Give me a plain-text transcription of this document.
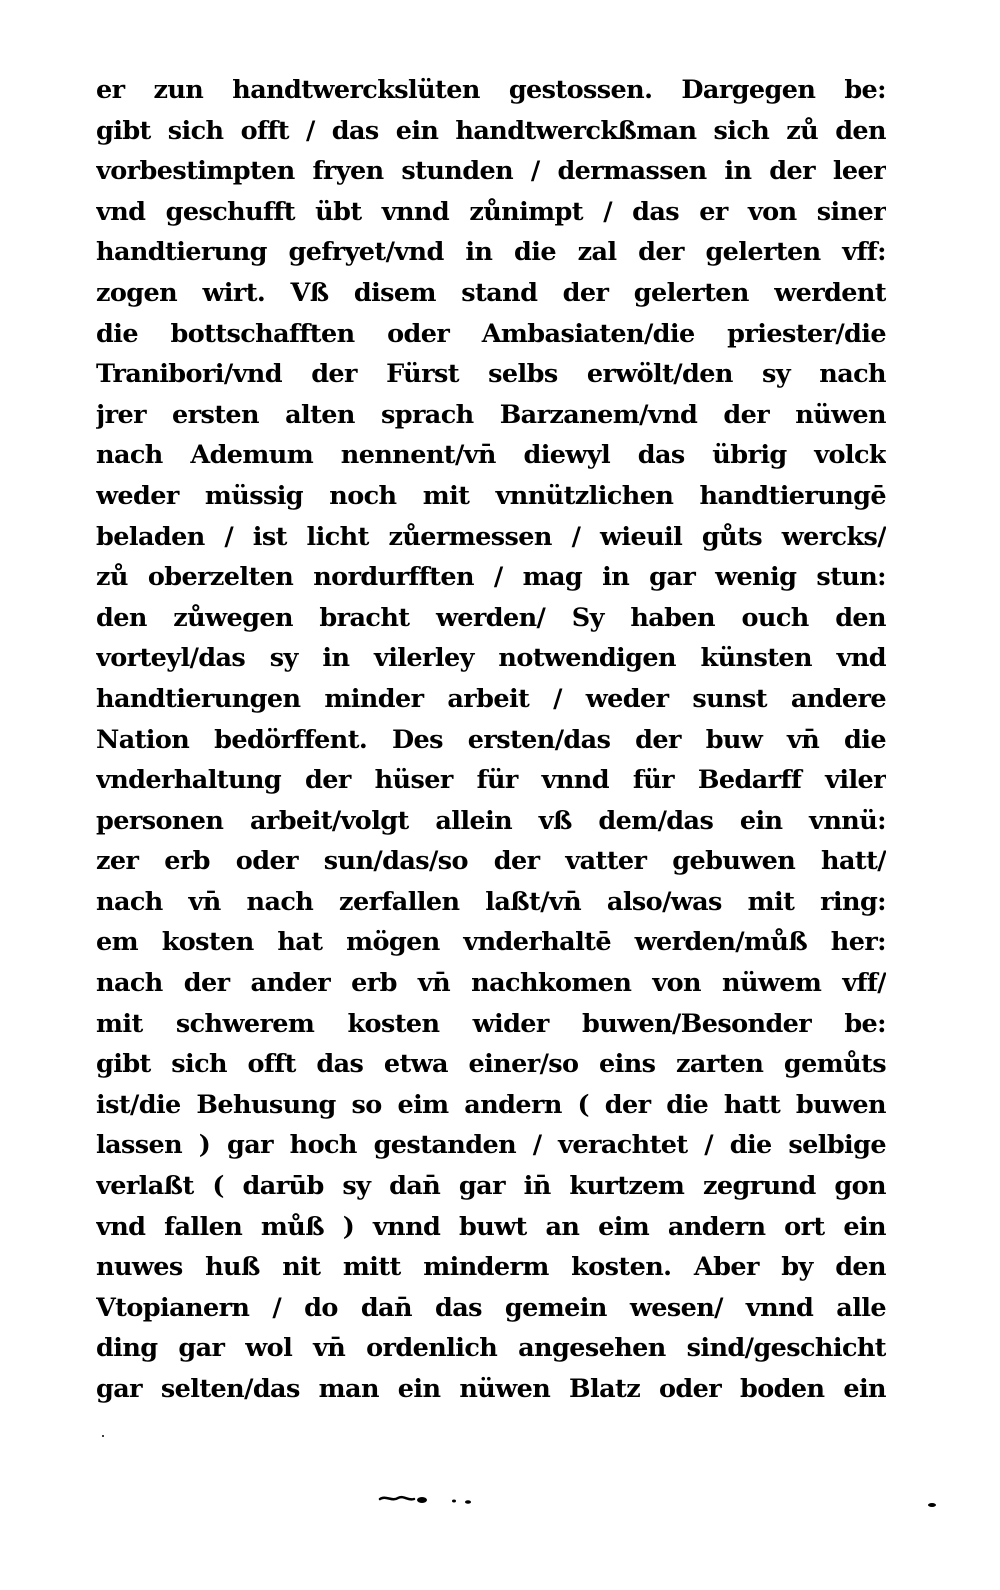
er zun handtwerckslüten gestossen. Dargegen be:
gibt sich offt / das ein handtwerckßman sich zů den
vorbestimpten fryen stunden / dermassen in der leer
vnd geschufft übt vnnd zůnimpt / das er von siner
handtierung gefryet/vnd in die zal der gelerten vff:
zogen wirt. Vß disem stand der gelerten werdent
die bottschafften oder Ambasiaten/die priester/die
Tranibori/vnd der Fürst selbs erwölt/den sy nach
jrer ersten alten sprach Barzanem/vnd der nüwen
nach Ademum nennent/vn̄ diewyl das übrig volck
weder müssig noch mit vnnützlichen handtierungē
beladen / ist licht zůermessen / wieuil gůts wercks/
zů oberzelten nordurfften / mag in gar wenig stun:
den zůwegen bracht werden/ Sy haben ouch den
vorteyl/das sy in vilerley notwendigen künsten vnd
handtierungen minder arbeit / weder sunst andere
Nation bedörffent. Des ersten/das der buw vn̄ die
vnderhaltung der hüser für vnnd für Bedarff viler
personen arbeit/volgt allein vß dem/das ein vnnü:
zer erb oder sun/das/so der vatter gebuwen hatt/
nach vn̄ nach zerfallen laßt/vn̄ also/was mit ring:
em kosten hat mögen vnderhaltē werden/můß her:
nach der ander erb vn̄ nachkomen von nüwem vff/
mit schwerem kosten wider buwen/Besonder be:
gibt sich offt das etwa einer/so eins zarten gemůts
ist/die Behusung so eim andern ( der die hatt buwen
lassen ) gar hoch gestanden / verachtet / die selbige
verlaßt ( darūb sy dan̄ gar in̄ kurtzem zegrund gon
vnd fallen můß ) vnnd buwt an eim andern ort ein
nuwes huß nit mitt minderm kosten. Aber by den
Vtopianern / do dan̄ das gemein wesen/ vnnd alle
ding gar wol vn̄ ordenlich angesehen sind/geschicht
gar selten/das man ein nüwen Blatz oder boden ein
